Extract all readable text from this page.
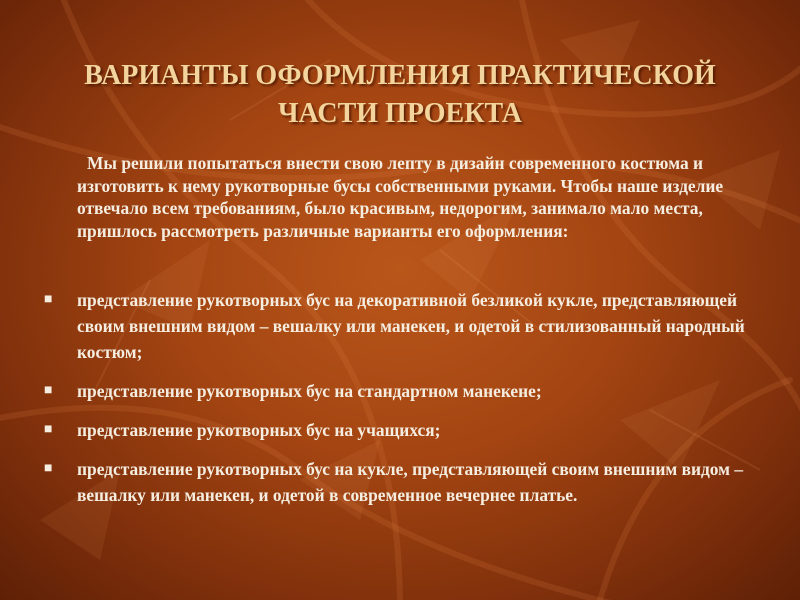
ВАРИАНТЫ ОФОРМЛЕНИЯ ПРАКТИЧЕСКОЙ
ЧАСТИ ПРОЕКТА

Мы решили попытаться внести свою лепту в дизайн современного костюма и изготовить к нему рукотворные бусы собственными руками. Чтобы наше изделие отвечало всем требованиям, было красивым, недорогим, занимало мало места, пришлось рассмотреть различные варианты его оформления:

■ представление рукотворных бус на декоративной безликой кукле, представляющей своим внешним видом – вешалку или манекен, и одетой в стилизованный народный костюм;
■ представление рукотворных бус на стандартном манекене;
■ представление рукотворных бус на учащихся;
■ представление рукотворных бус на кукле, представляющей своим внешним видом – вешалку или манекен, и одетой в современное вечернее платье.
